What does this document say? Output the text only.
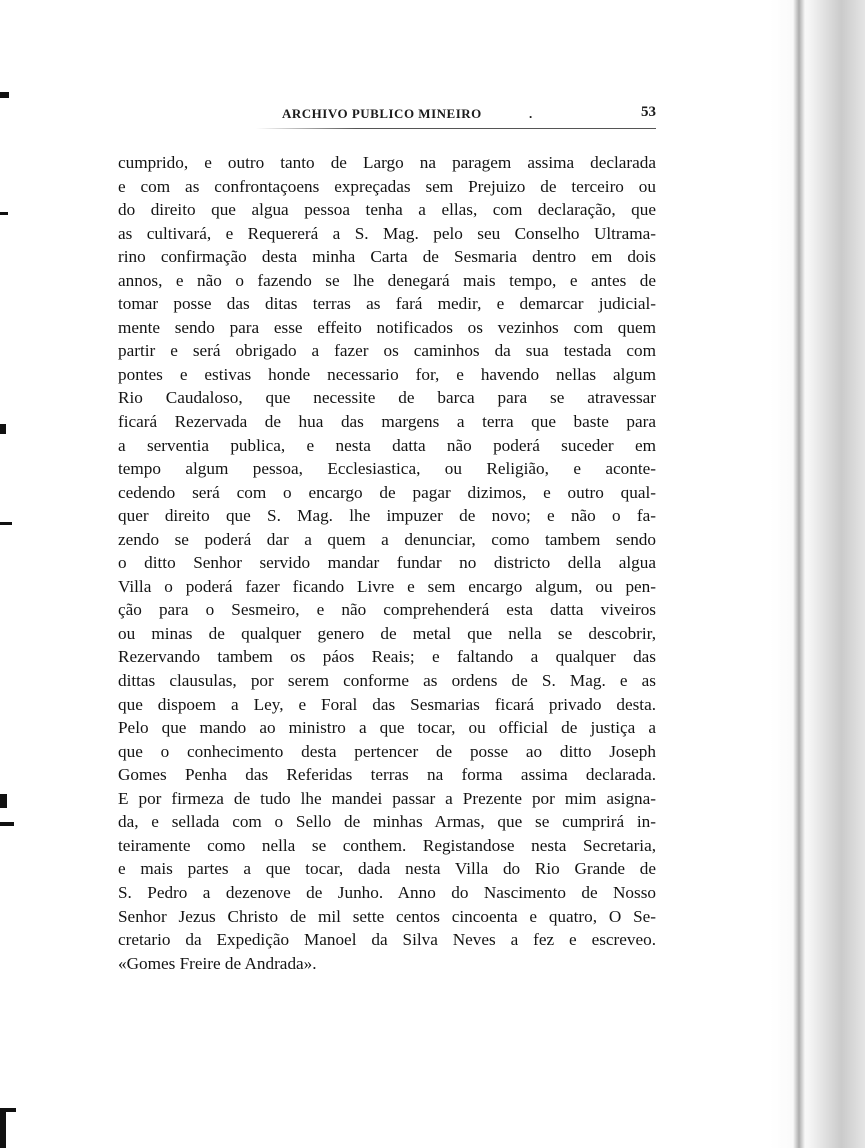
ARCHIVO PUBLICO MINEIRO	.	53
cumprido, e outro tanto de Largo na paragem assima declarada
e com as confrontaçoens expreçadas sem Prejuizo de terceiro ou
do direito que algua pessoa tenha a ellas, com declaração, que
as cultivará, e Requererá a S. Mag. pelo seu Conselho Ultrama-
rino confirmação desta minha Carta de Sesmaria dentro em dois
annos, e não o fazendo se lhe denegará mais tempo, e antes de
tomar posse das ditas terras as fará medir, e demarcar judicial-
mente sendo para esse effeito notificados os vezinhos com quem
partir e será obrigado a fazer os caminhos da sua testada com
pontes e estivas honde necessario for, e havendo nellas algum
Rio Caudaloso, que necessite de barca para se atravessar
ficará Rezervada de hua das margens a terra que baste para
a serventia publica, e nesta datta não poderá suceder em
tempo algum pessoa, Ecclesiastica, ou Religião, e aconte-
cedendo será com o encargo de pagar dizimos, e outro qual-
quer direito que S. Mag. lhe impuzer de novo; e não o fa-
zendo se poderá dar a quem a denunciar, como tambem sendo
o ditto Senhor servido mandar fundar no districto della algua
Villa o poderá fazer ficando Livre e sem encargo algum, ou pen-
ção para o Sesmeiro, e não comprehenderá esta datta viveiros
ou minas de qualquer genero de metal que nella se descobrir,
Rezervando tambem os páos Reais; e faltando a qualquer das
dittas clausulas, por serem conforme as ordens de S. Mag. e as
que dispoem a Ley, e Foral das Sesmarias ficará privado desta.
Pelo que mando ao ministro a que tocar, ou official de justiça a
que o conhecimento desta pertencer de posse ao ditto Joseph
Gomes Penha das Referidas terras na forma assima declarada.
E por firmeza de tudo lhe mandei passar a Prezente por mim asigna-
da, e sellada com o Sello de minhas Armas, que se cumprirá in-
teiramente como nella se conthem. Registandose nesta Secretaria,
e mais partes a que tocar, dada nesta Villa do Rio Grande de
S. Pedro a dezenove de Junho. Anno do Nascimento de Nosso
Senhor Jezus Christo de mil sette centos cincoenta e quatro, O Se-
cretario da Expedição Manoel da Silva Neves a fez e escreveo.
«Gomes Freire de Andrada».
